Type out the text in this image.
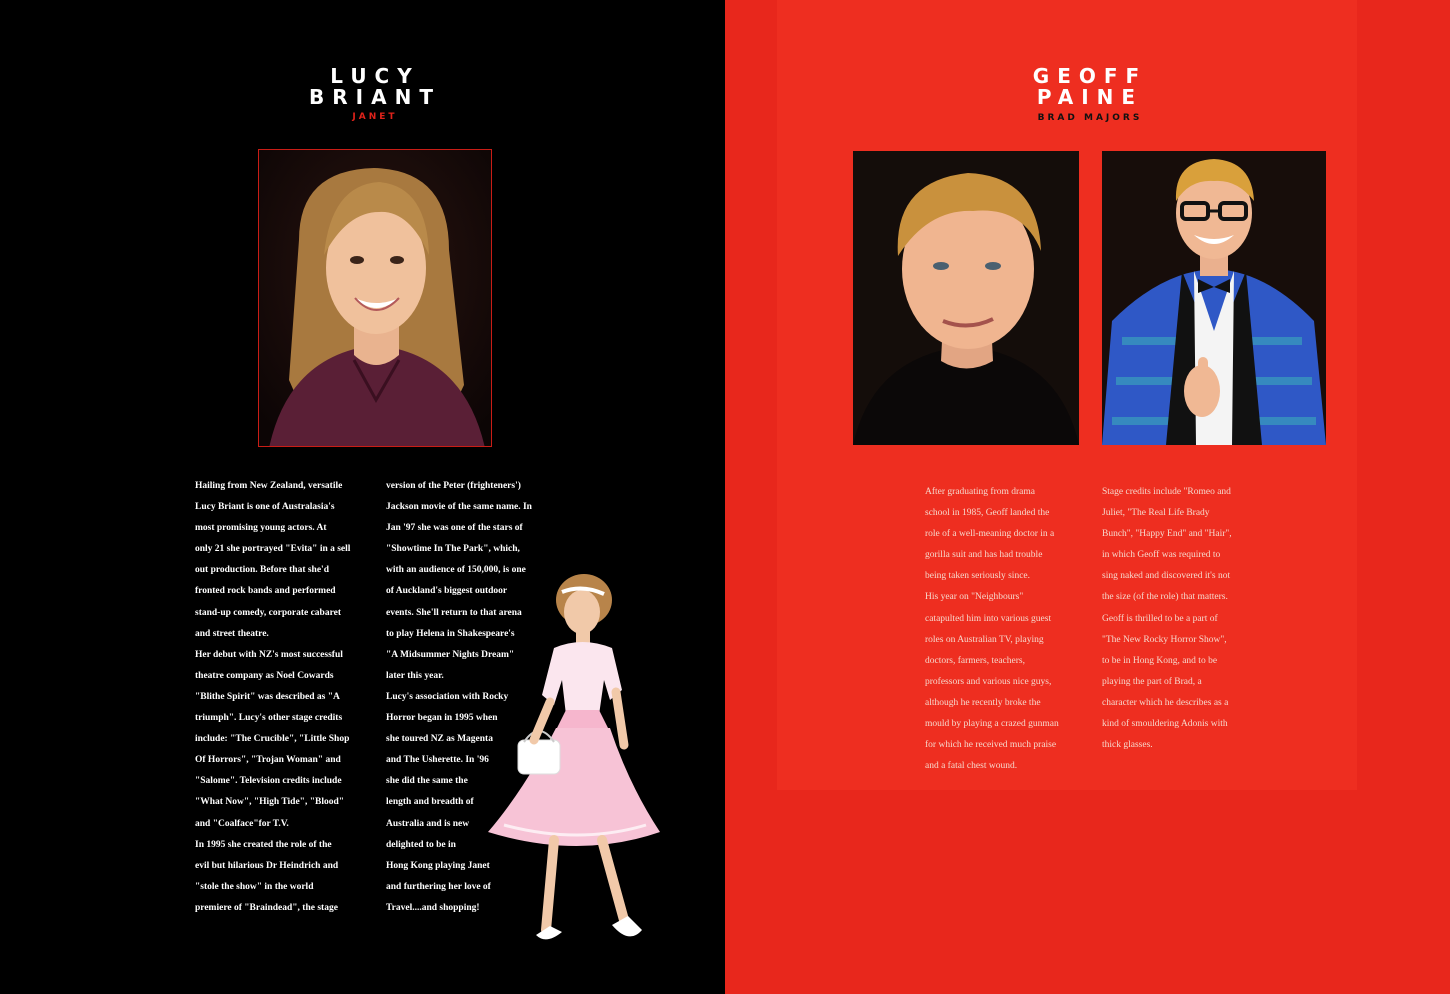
LUCY
BRIANT
JANET

Hailing from New Zealand, versatile

Lucy Briant is one of Australasia's

most promising young actors. At

only 21 she portrayed "Evita" in a sell

out production. Before that she'd

fronted rock bands and performed

stand-up comedy, corporate cabaret

and street theatre.

Her debut with NZ's most successful

theatre company as Noel Cowards

"Blithe Spirit" was described as "A

triumph". Lucy's other stage credits

include: "The Crucible", "Little Shop

Of Horrors", "Trojan Woman" and

"Salome". Television credits include

"What Now", "High Tide", "Blood"

and "Coalface"for T.V.

In 1995 she created the role of the

evil but hilarious Dr Heindrich and

"stole the show" in the world

premiere of "Braindead", the stage

version of the Peter (frighteners')

Jackson movie of the same name. In

Jan '97 she was one of the stars of

"Showtime In The Park", which,

with an audience of 150,000, is one

of Auckland's biggest outdoor

events. She'll return to that arena

to play Helena in Shakespeare's

"A Midsummer Nights Dream"

later this year.

Lucy's association with Rocky

Horror began in 1995 when

she toured NZ as Magenta

and The Usherette. In '96

she did the same the

length and breadth of

Australia and is new

delighted to be in

Hong Kong playing Janet

and furthering her love of

Travel....and shopping!

GEOFF
PAINE
BRAD MAJORS

After graduating from drama

school in 1985, Geoff landed the

role of a well-meaning doctor in a

gorilla suit and has had trouble

being taken seriously since.

His year on "Neighbours"

catapulted him into various guest

roles on Australian TV, playing

doctors, farmers, teachers,

professors and various nice guys,

although he recently broke the

mould by playing a crazed gunman

for which he received much praise

and a fatal chest wound.

Stage credits include "Romeo and

Juliet, "The Real Life Brady

Bunch", "Happy End" and "Hair",

in which Geoff was required to

sing naked and discovered it's not

the size (of the role) that matters.

Geoff is thrilled to be a part of

"The New Rocky Horror Show",

to be in Hong Kong, and to be

playing the part of Brad, a

character which he describes as a

kind of smouldering Adonis with

thick glasses.
